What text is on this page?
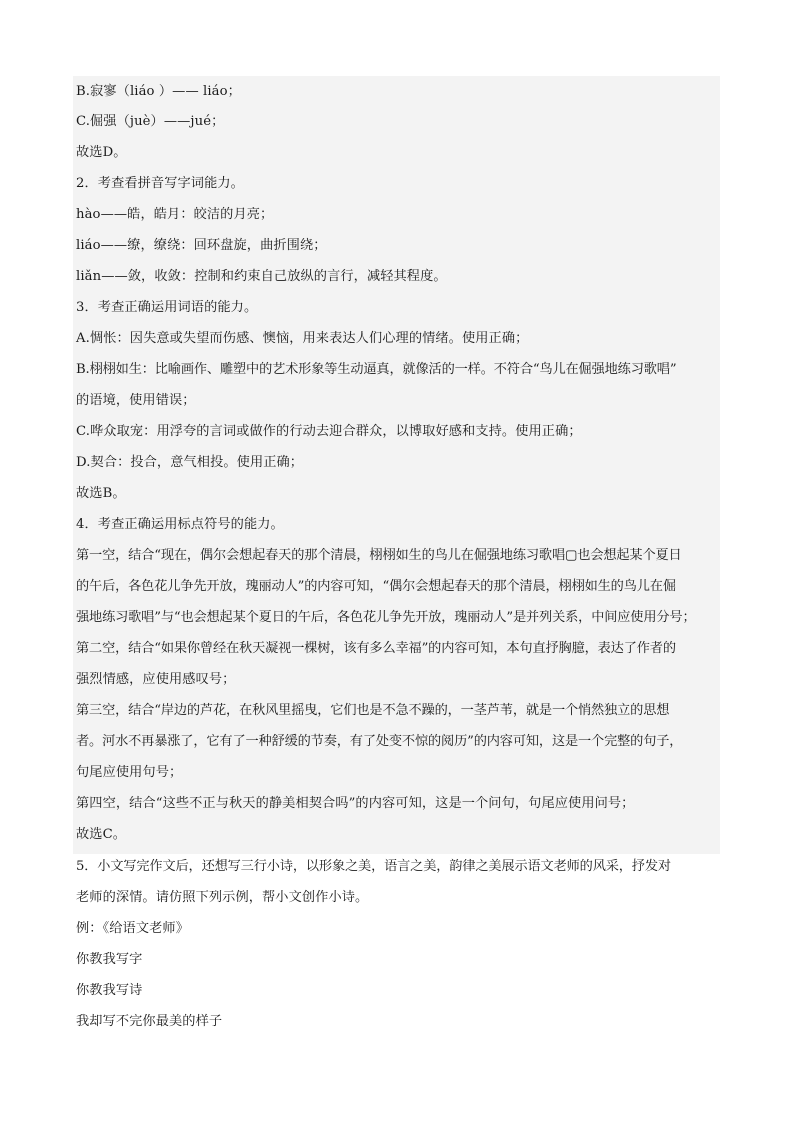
B.寂寥（liáo ）—— liáo；
C.倔强（juè）——jué；
故选D。
2．考查看拼音写字词能力。
hào——皓，皓月：皎洁的月亮；
liáo——缭，缭绕：回环盘旋，曲折围绕；
liǎn——敛，收敛：控制和约束自己放纵的言行，减轻其程度。
3．考查正确运用词语的能力。
A.惆怅：因失意或失望而伤感、懊恼，用来表达人们心理的情绪。使用正确；
B.栩栩如生：比喻画作、雕塑中的艺术形象等生动逼真，就像活的一样。不符合“鸟儿在倔强地练习歌唱”
的语境，使用错误；
C.哗众取宠：用浮夸的言词或做作的行动去迎合群众，以博取好感和支持。使用正确；
D.契合：投合，意气相投。使用正确；
故选B。
4．考查正确运用标点符号的能力。
第一空，结合“现在，偶尔会想起春天的那个清晨，栩栩如生的鸟儿在倔强地练习歌唱▢也会想起某个夏日
的午后，各色花儿争先开放，瑰丽动人”的内容可知，“偶尔会想起春天的那个清晨，栩栩如生的鸟儿在倔
强地练习歌唱”与“也会想起某个夏日的午后，各色花儿争先开放，瑰丽动人”是并列关系，中间应使用分号；
第二空，结合“如果你曾经在秋天凝视一棵树，该有多么幸福”的内容可知，本句直抒胸臆，表达了作者的
强烈情感，应使用感叹号；
第三空，结合“岸边的芦花，在秋风里摇曳，它们也是不急不躁的，一茎芦苇，就是一个悄然独立的思想
者。河水不再暴涨了，它有了一种舒缓的节奏，有了处变不惊的阅历”的内容可知，这是一个完整的句子，
句尾应使用句号；
第四空，结合“这些不正与秋天的静美相契合吗”的内容可知，这是一个问句，句尾应使用问号；
故选C。
5．小文写完作文后，还想写三行小诗，以形象之美，语言之美，韵律之美展示语文老师的风采，抒发对
老师的深情。请仿照下列示例，帮小文创作小诗。
例：《给语文老师》
你教我写字
你教我写诗
我却写不完你最美的样子
